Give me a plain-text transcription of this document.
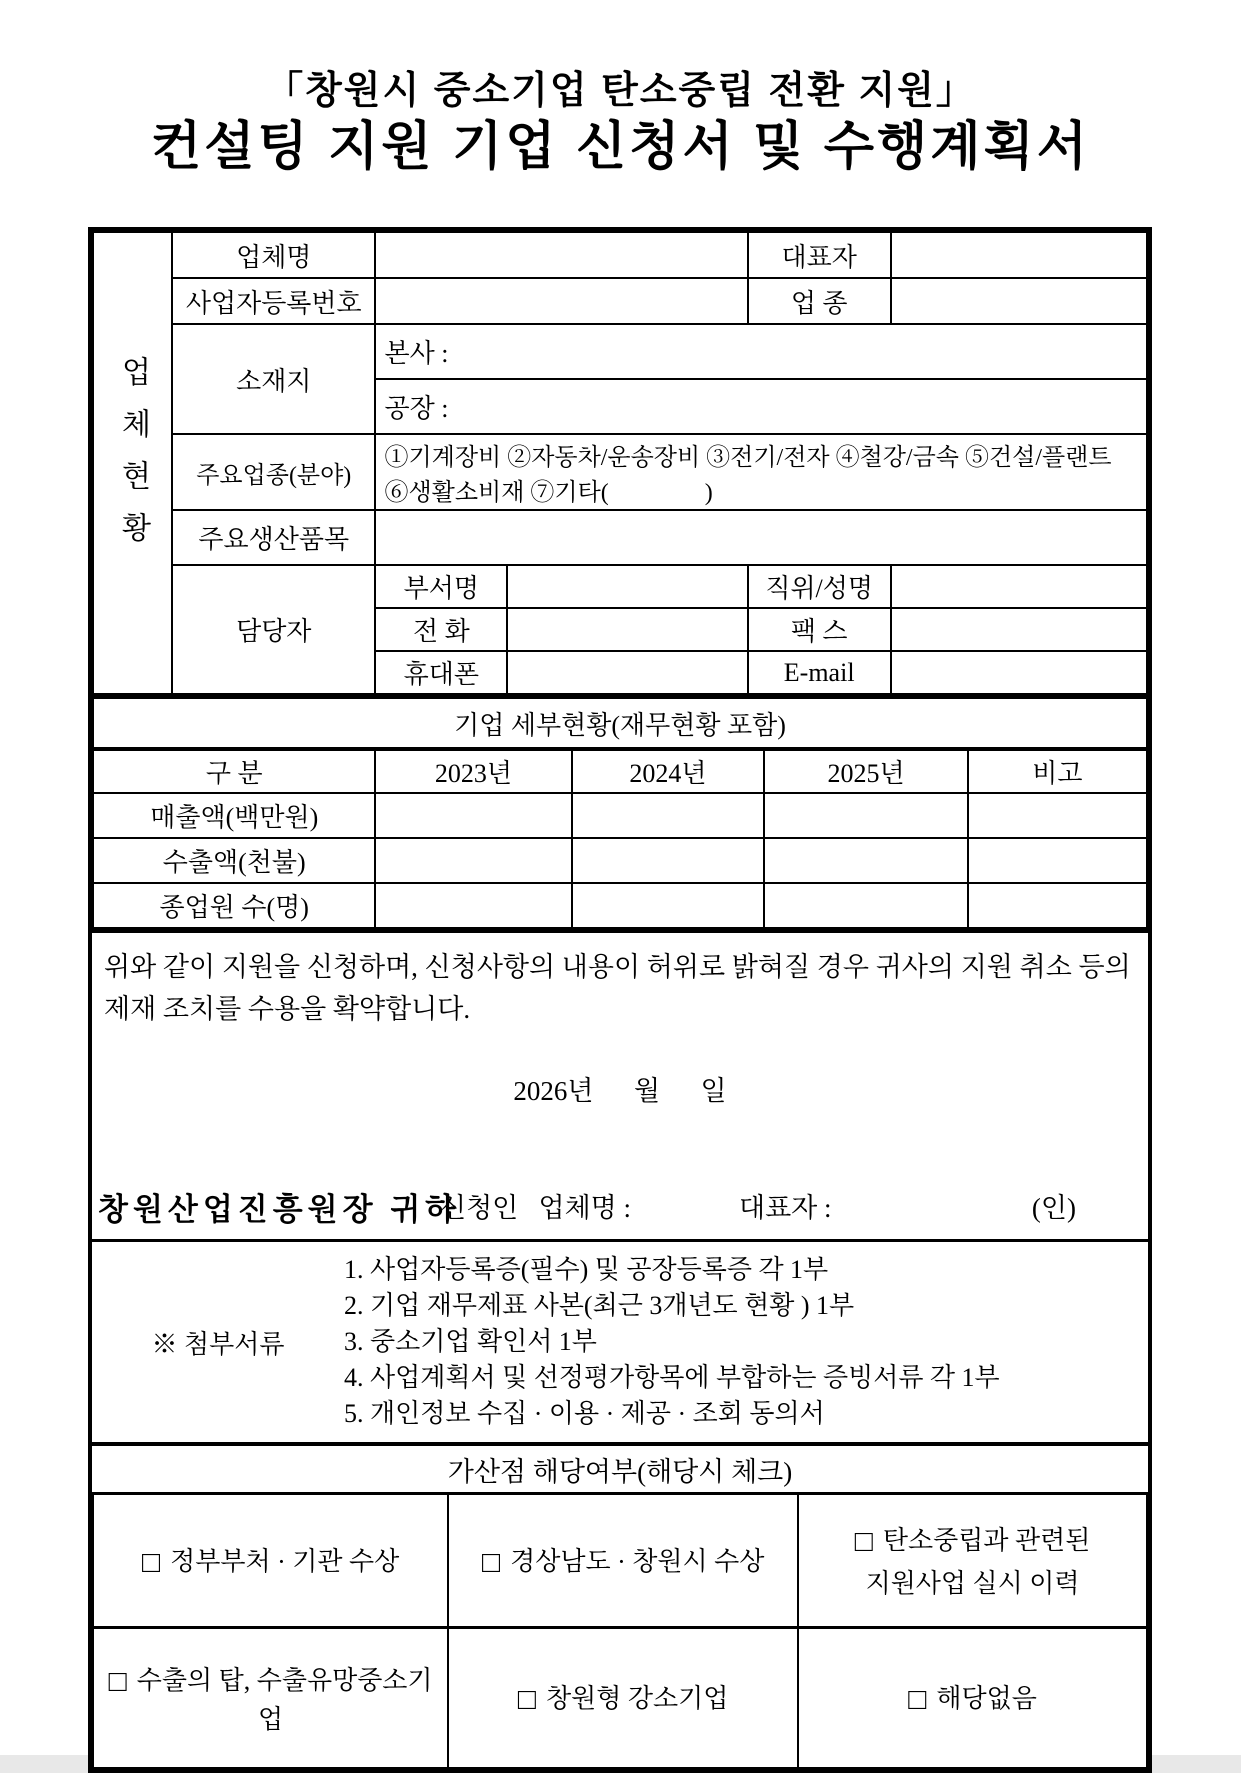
「창원시 중소기업 탄소중립 전환 지원」
컨설팅 지원 기업 신청서 및 수행계획서
업체현황	업체명			대표자	
	사업자등록번호			업 종	
	소재지	본사 :			
		공장 :			
	주요업종(분야)	①기계장비 ②자동차/운송장비 ③전기/전자 ④철강/금속 ⑤건설/플랜트
⑥생활소비재 ⑦기타(                )			

	주요생산품목				
	담당자	부서명		직위/성명	
		전 화		팩 스	
		휴대폰		E-mail	
기업 세부현황(재무현황 포함)				
구 분	2023년	2024년	2025년	비고
매출액(백만원)				
수출액(천불)				
종업원 수(명)				
위와 같이 지원을 신청하며, 신청사항의 내용이 허위로 밝혀질 경우 귀사의 지원 취소 등의 제재 조치를 수용을 확약합니다.
2026년      월      일
신청인   업체명 :	대표자 :	(인)
창원산업진흥원장 귀하
※ 첨부서류
1. 사업자등록증(필수) 및 공장등록증 각 1부
2. 기업 재무제표 사본(최근 3개년도 현황 ) 1부
3. 중소기업 확인서 1부
4. 사업계획서 및 선정평가항목에 부합하는 증빙서류 각 1부
5. 개인정보 수집 · 이용 · 제공 · 조회 동의서
가산점 해당여부(해당시 체크)
□ 정부부처 · 기관 수상	□ 경상남도 · 창원시 수상	□ 탄소중립과 관련된
지원사업 실시 이력
□ 수출의 탑, 수출유망중소기업	□ 창원형 강소기업	□ 해당없음
